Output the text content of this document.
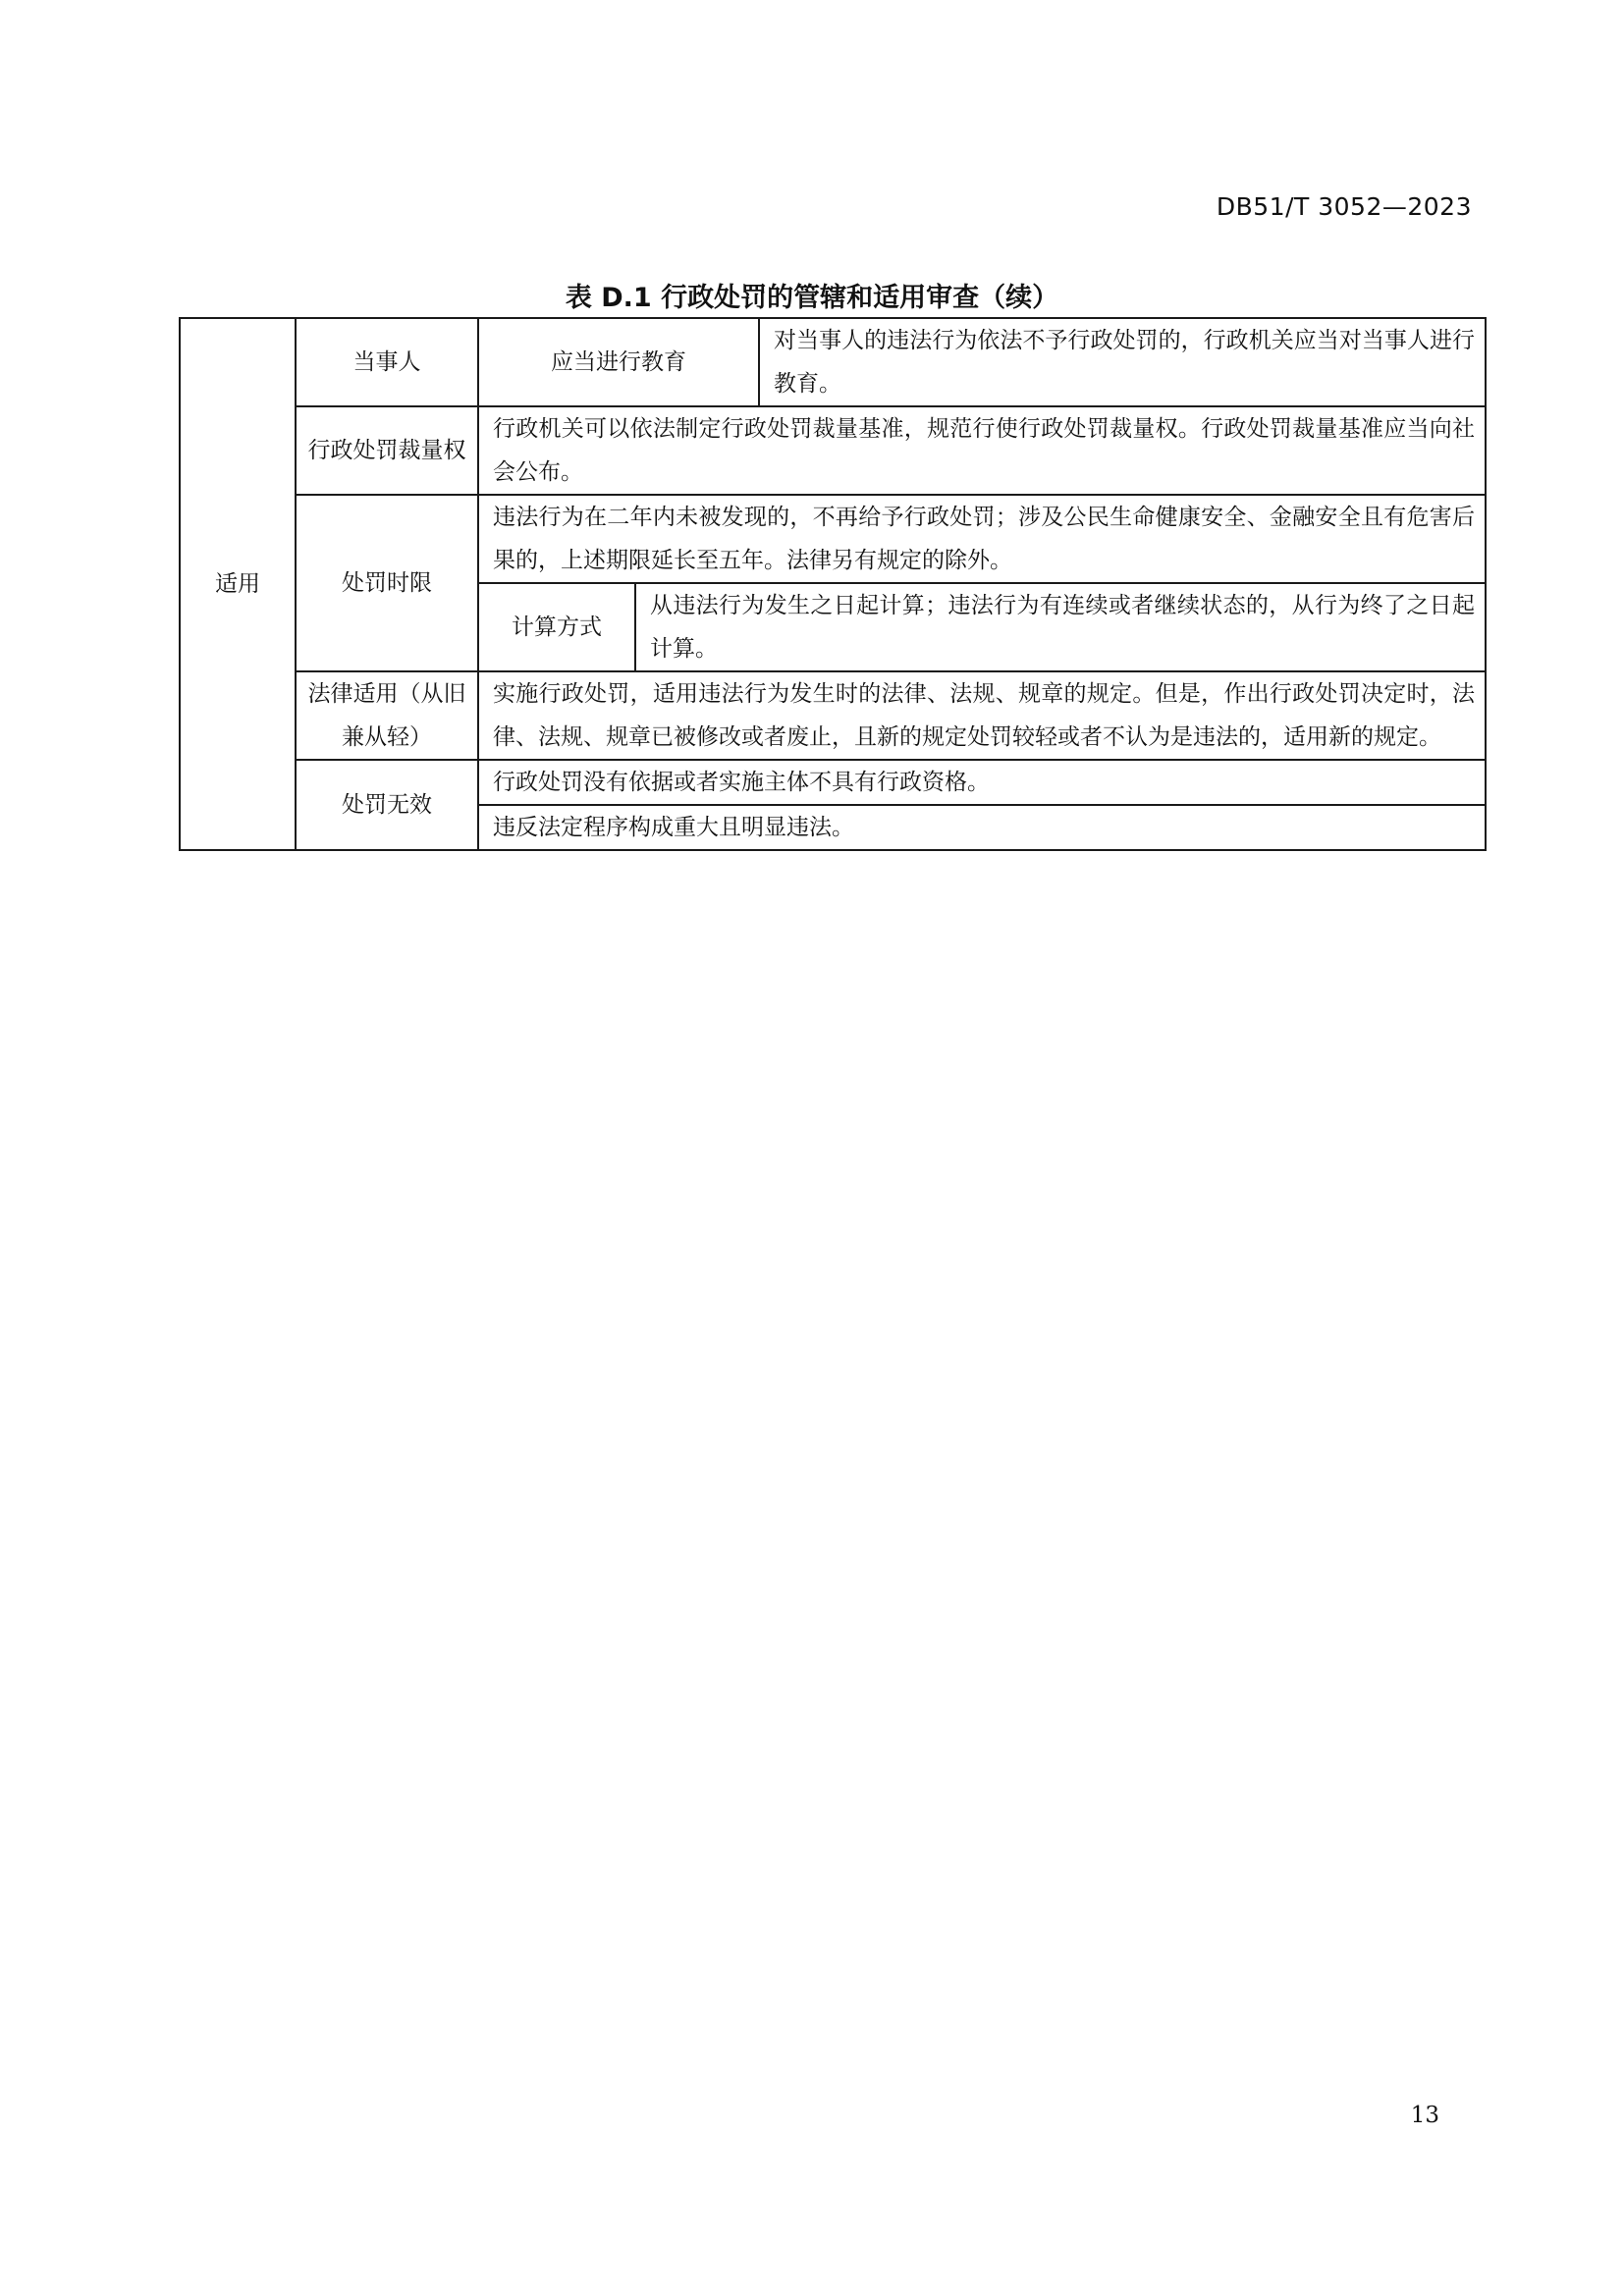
DB51/T 3052—2023
表 D.1 行政处罚的管辖和适用审查（续）
适用	当事人	应当进行教育		对当事人的违法行为依法不予行政处罚的，行政机关应当对当事人进行教育。
	行政处罚裁量权	行政机关可以依法制定行政处罚裁量基准，规范行使行政处罚裁量权。行政处罚裁量基准应当向社会公布。		
	处罚时限	违法行为在二年内未被发现的，不再给予行政处罚；涉及公民生命健康安全、金融安全且有危害后果的，上述期限延长至五年。法律另有规定的除外。		
		计算方式	从违法行为发生之日起计算；违法行为有连续或者继续状态的，从行为终了之日起计算。	
	法律适用（从旧兼从轻）	实施行政处罚，适用违法行为发生时的法律、法规、规章的规定。但是，作出行政处罚决定时，法律、法规、规章已被修改或者废止，且新的规定处罚较轻或者不认为是违法的，适用新的规定。		
	处罚无效	行政处罚没有依据或者实施主体不具有行政资格。		
		违反法定程序构成重大且明显违法。		
13
